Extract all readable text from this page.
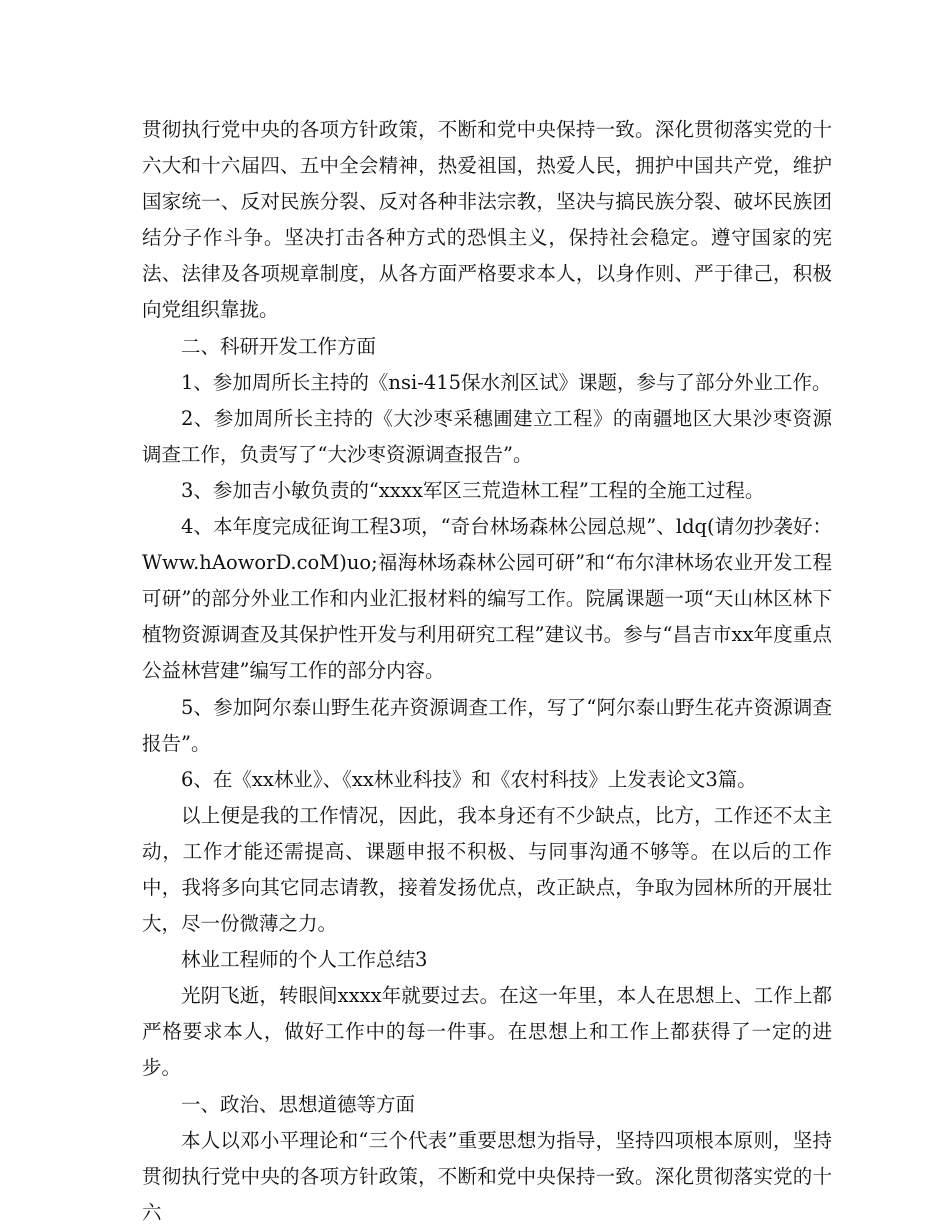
贯彻执行党中央的各项方针政策，不断和党中央保持一致。深化贯彻落实党的十六大和十六届四、五中全会精神，热爱祖国，热爱人民，拥护中国共产党，维护国家统一、反对民族分裂、反对各种非法宗教，坚决与搞民族分裂、破坏民族团结分子作斗争。坚决打击各种方式的恐惧主义，保持社会稳定。遵守国家的宪法、法律及各项规章制度，从各方面严格要求本人，以身作则、严于律己，积极向党组织靠拢。

二、科研开发工作方面

1、参加周所长主持的《nsi-415保水剂区试》课题，参与了部分外业工作。

2、参加周所长主持的《大沙枣采穗圃建立工程》的南疆地区大果沙枣资源调查工作，负责写了“大沙枣资源调查报告”。

3、参加吉小敏负责的“xxxx军区三荒造林工程”工程的全施工过程。

4、本年度完成征询工程3项，“奇台林场森林公园总规”、ldq(请勿抄袭好：Www.hAoworD.coM)uo;福海林场森林公园可研”和“布尔津林场农业开发工程可研”的部分外业工作和内业汇报材料的编写工作。院属课题一项“天山林区林下植物资源调查及其保护性开发与利用研究工程”建议书。参与“昌吉市xx年度重点公益林营建”编写工作的部分内容。

5、参加阿尔泰山野生花卉资源调查工作，写了“阿尔泰山野生花卉资源调查报告”。

6、在《xx林业》、《xx林业科技》和《农村科技》上发表论文3篇。

以上便是我的工作情况，因此，我本身还有不少缺点，比方，工作还不太主动，工作才能还需提高、课题申报不积极、与同事沟通不够等。在以后的工作中，我将多向其它同志请教，接着发扬优点，改正缺点，争取为园林所的开展壮大，尽一份微薄之力。

林业工程师的个人工作总结3

光阴飞逝，转眼间xxxx年就要过去。在这一年里，本人在思想上、工作上都严格要求本人，做好工作中的每一件事。在思想上和工作上都获得了一定的进步。

一、政治、思想道德等方面

本人以邓小平理论和“三个代表”重要思想为指导，坚持四项根本原则，坚持贯彻执行党中央的各项方针政策，不断和党中央保持一致。深化贯彻落实党的十六
